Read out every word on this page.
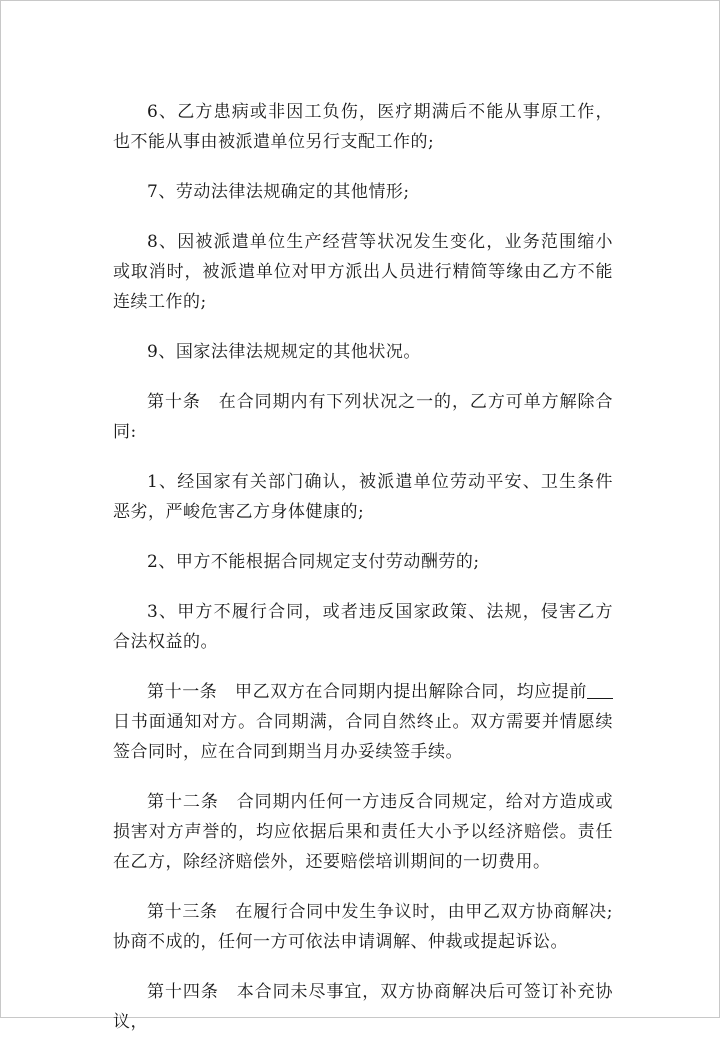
6、乙方患病或非因工负伤，医疗期满后不能从事原工作，也不能从事由被派遣单位另行支配工作的;

7、劳动法律法规确定的其他情形;

8、因被派遣单位生产经营等状况发生变化，业务范围缩小或取消时，被派遣单位对甲方派出人员进行精简等缘由乙方不能连续工作的;

9、国家法律法规规定的其他状况。

第十条　在合同期内有下列状况之一的，乙方可单方解除合同:

1、经国家有关部门确认，被派遣单位劳动平安、卫生条件恶劣，严峻危害乙方身体健康的;

2、甲方不能根据合同规定支付劳动酬劳的;

3、甲方不履行合同，或者违反国家政策、法规，侵害乙方合法权益的。

第十一条　甲乙双方在合同期内提出解除合同，均应提前日书面通知对方。合同期满，合同自然终止。双方需要并情愿续签合同时，应在合同到期当月办妥续签手续。

第十二条　合同期内任何一方违反合同规定，给对方造成或损害对方声誉的，均应依据后果和责任大小予以经济赔偿。责任在乙方，除经济赔偿外，还要赔偿培训期间的一切费用。

第十三条　在履行合同中发生争议时，由甲乙双方协商解决;协商不成的，任何一方可依法申请调解、仲裁或提起诉讼。

第十四条　本合同未尽事宜，双方协商解决后可签订补充协议，
